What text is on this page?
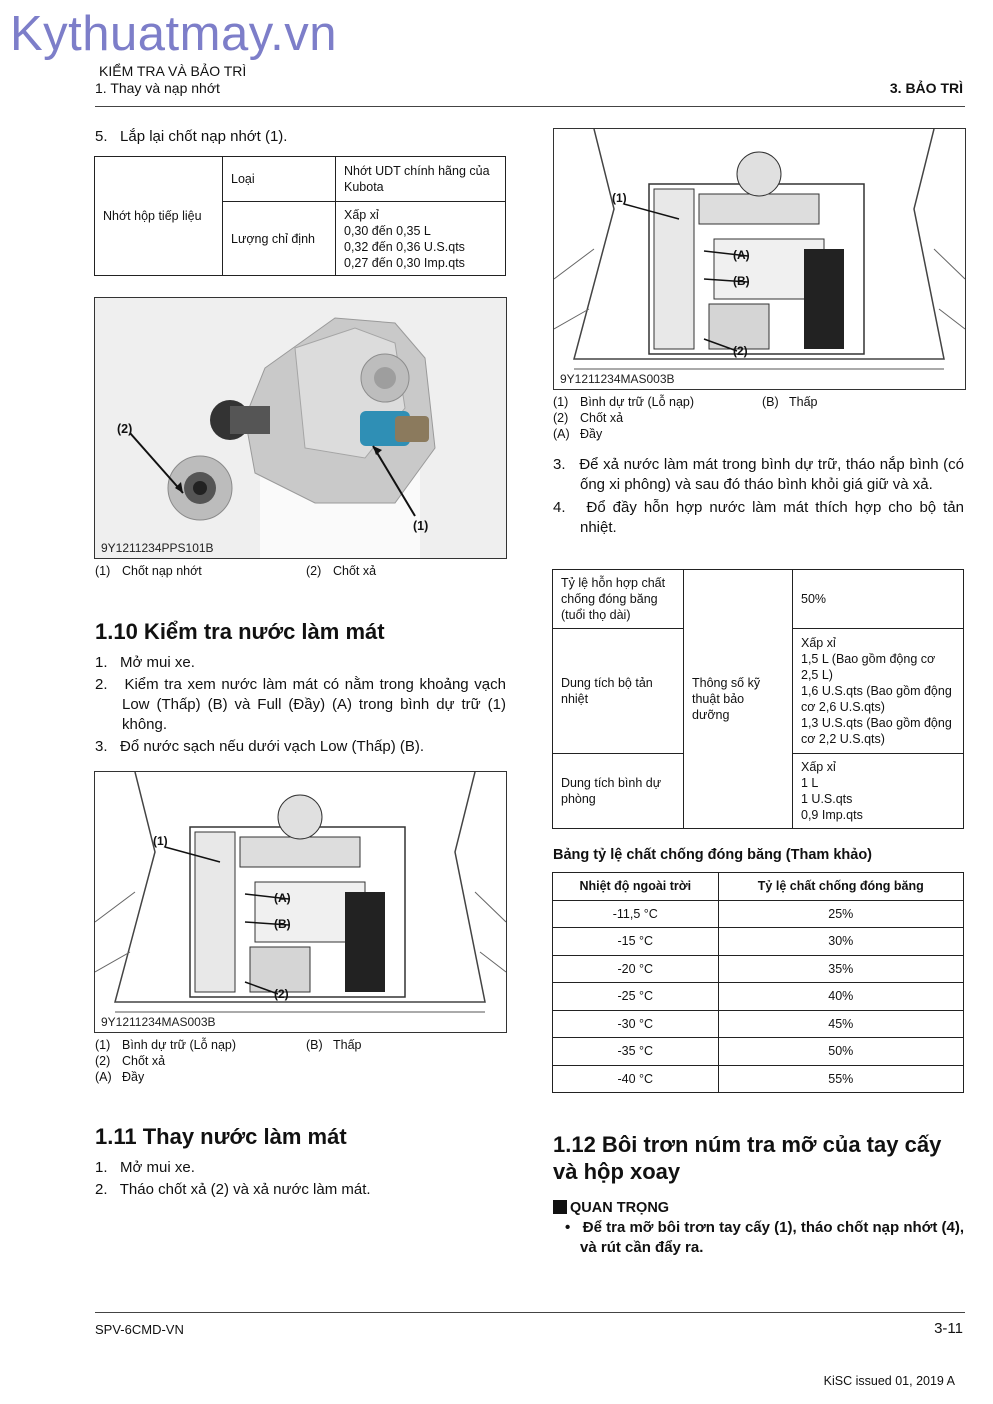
Kythuatmay.vn
KIỂM TRA VÀ BẢO TRÌ
1. Thay và nạp nhớt	3. BẢO TRÌ

5.   Lắp lại chốt nạp nhớt (1).

Nhớt hộp tiếp liệu	Loại	Nhớt UDT chính hãng của Kubota
	Lượng chỉ định	Xấp xỉ
0,30 đến 0,35 L
0,32 đến 0,36 U.S.qts
0,27 đến 0,30 Imp.qts
(2)
(1)
9Y1211234PPS101B
(1) Chốt nạp nhớt	(2) Chốt xả
1.10 Kiểm tra nước làm mát

1.   Mở mui xe.

2.   Kiểm tra xem nước làm mát có nằm trong khoảng vạch Low (Thấp) (B) và Full (Đầy) (A) trong bình dự trữ (1) không.

3.   Đổ nước sạch nếu dưới vạch Low (Thấp) (B).

(1)
(A)
(B)
(2)
9Y1211234MAS003B
(1) Bình dự trữ (Lỗ nạp)	(B) Thấp
(2) Chốt xả
(A) Đầy
1.11 Thay nước làm mát

1.   Mở mui xe.

2.   Tháo chốt xả (2) và xả nước làm mát.

(1)
(A)
(B)
(2)
9Y1211234MAS003B
(1) Bình dự trữ (Lỗ nạp)	(B) Thấp
(2) Chốt xả
(A) Đầy

3.   Để xả nước làm mát trong bình dự trữ, tháo nắp bình (có ống xi phông) và sau đó tháo bình khỏi giá giữ và xả.

4.   Đổ đầy hỗn hợp nước làm mát thích hợp cho bộ tản nhiệt.

Tỷ lệ hỗn hợp chất chống đóng băng (tuổi thọ dài)	Thông số kỹ thuật bảo dưỡng	50%
Dung tích bộ tản nhiệt		Xấp xỉ
1,5 L (Bao gồm động cơ 2,5 L)
1,6 U.S.qts (Bao gồm động cơ 2,6 U.S.qts)
1,3 U.S.qts (Bao gồm động cơ 2,2 U.S.qts)

Dung tích bình dự phòng		Xấp xỉ
1 L
1 U.S.qts
0,9 Imp.qts
Bảng tỷ lệ chất chống đóng băng (Tham khảo)
Nhiệt độ ngoài trời	Tỷ lệ chất chống đóng băng
-11,5 °C	25%
-15 °C	30%
-20 °C	35%
-25 °C	40%
-30 °C	45%
-35 °C	50%
-40 °C	55%
1.12 Bôi trơn núm tra mỡ của tay cấy và hộp xoay
QUAN TRỌNG
•   Để tra mỡ bôi trơn tay cấy (1), tháo chốt nạp nhớt (4), và rút cần đẩy ra.
SPV-6CMD-VN	3-11
KiSC issued 01, 2019 A
